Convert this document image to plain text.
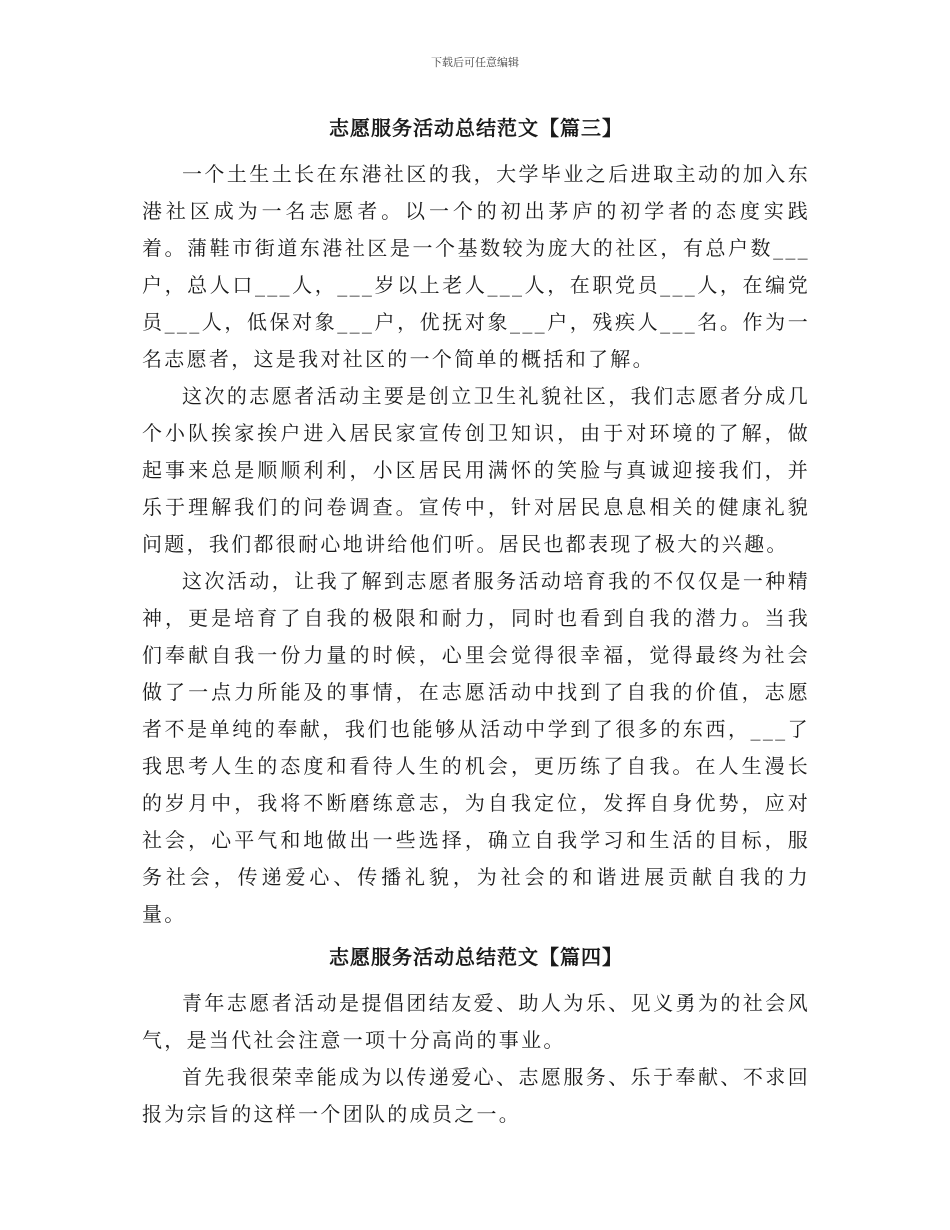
下载后可任意编辑
志愿服务活动总结范文【篇三】

一个土生土长在东港社区的我，大学毕业之后进取主动的加入东港社区成为一名志愿者。以一个的初出茅庐的初学者的态度实践着。蒲鞋市街道东港社区是一个基数较为庞大的社区，有总户数___户，总人口___人，___岁以上老人___人，在职党员___人，在编党员___人，低保对象___户，优抚对象___户，残疾人___名。作为一名志愿者，这是我对社区的一个简单的概括和了解。

这次的志愿者活动主要是创立卫生礼貌社区，我们志愿者分成几个小队挨家挨户进入居民家宣传创卫知识，由于对环境的了解，做起事来总是顺顺利利，小区居民用满怀的笑脸与真诚迎接我们，并乐于理解我们的问卷调查。宣传中，针对居民息息相关的健康礼貌问题，我们都很耐心地讲给他们听。居民也都表现了极大的兴趣。

这次活动，让我了解到志愿者服务活动培育我的不仅仅是一种精神，更是培育了自我的极限和耐力，同时也看到自我的潜力。当我们奉献自我一份力量的时候，心里会觉得很幸福，觉得最终为社会做了一点力所能及的事情，在志愿活动中找到了自我的价值，志愿者不是单纯的奉献，我们也能够从活动中学到了很多的东西，___了我思考人生的态度和看待人生的机会，更历练了自我。在人生漫长的岁月中，我将不断磨练意志，为自我定位，发挥自身优势，应对社会，心平气和地做出一些选择，确立自我学习和生活的目标，服务社会，传递爱心、传播礼貌，为社会的和谐进展贡献自我的力量。

志愿服务活动总结范文【篇四】

青年志愿者活动是提倡团结友爱、助人为乐、见义勇为的社会风气，是当代社会注意一项十分高尚的事业。

首先我很荣幸能成为以传递爱心、志愿服务、乐于奉献、不求回报为宗旨的这样一个团队的成员之一。
